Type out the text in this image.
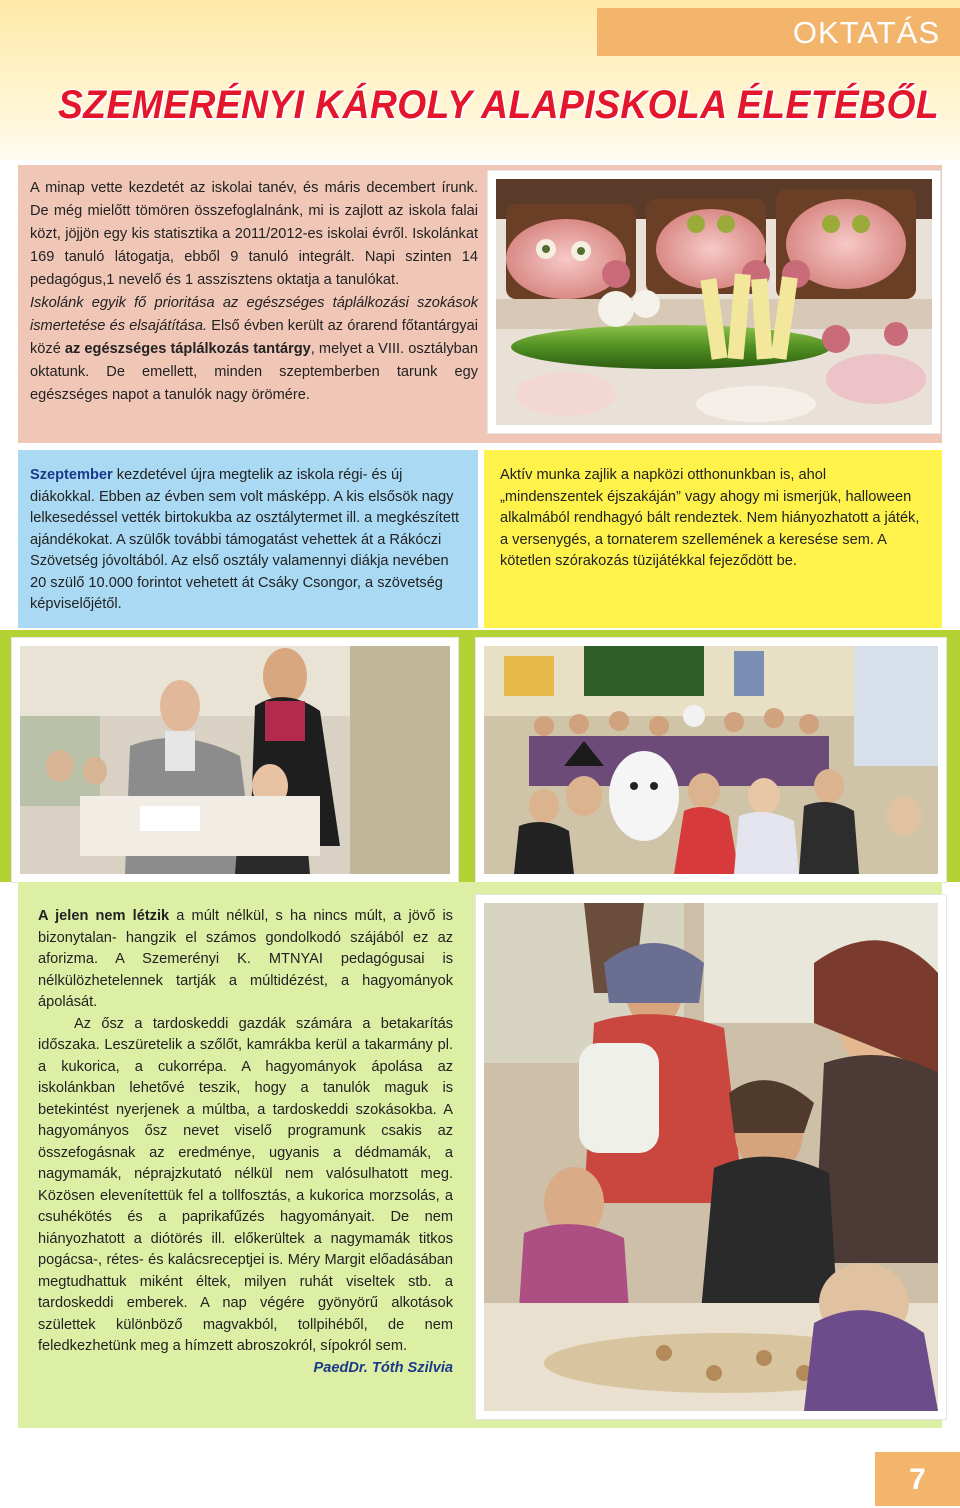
OKTATÁS
SZEMERÉNYI KÁROLY ALAPISKOLA ÉLETÉBŐL

A minap vette kezdetét az iskolai tanév, és máris decembert írunk. De még mielőtt tömören összefoglalnánk, mi is zajlott az iskola falai közt, jöjjön egy kis statisztika a 2011/2012-es iskolai évről. Iskolánkat 169 tanuló látogatja, ebből 9 tanuló integrált. Napi szinten 14 pedagógus,1 nevelő és 1 asszisztens oktatja a tanulókat.

Iskolánk egyik fő prioritása az egészséges táplálkozási szokások ismertetése és elsajátítása. Első évben került az órarend főtantárgyai közé az egészséges táplálkozás tantárgy, melyet a VIII. osztályban oktatunk. De emellett, minden szeptemberben tarunk egy egészséges napot a tanulók nagy örömére.

Szeptember kezdetével újra megtelik az iskola régi- és új diákokkal. Ebben az évben sem volt másképp. A kis elsősök nagy lelkesedéssel vették birtokukba az osztálytermet ill. a megkészített ajándékokat. A szülők további támogatást vehettek át a Rákóczi Szövetség jóvoltából. Az első osztály valamennyi diákja nevében 20 szülő 10.000 forintot vehetett át Csáky Csongor, a szövetség képviselőjétől.

Aktív munka zajlik a napközi otthonunkban is, ahol „mindenszentek éjszakáján” vagy ahogy mi ismerjük, halloween alkalmából rendhagyó bált rendeztek. Nem hiányozhatott a játék, a versenygés, a tornaterem szellemének a keresése sem. A kötetlen szórakozás tüzijátékkal fejeződött be.

A jelen nem létzik a múlt nélkül, s ha nincs múlt, a jövő is bizonytalan- hangzik el számos gondolkodó szájából ez az aforizma. A Szemerényi K. MTNYAI pedagógusai is nélkülözhetelennek tartják a múltidézést, a hagyományok ápolását.

Az ősz a tardoskeddi gazdák számára a betakarítás időszaka. Leszüretelik a szőlőt, kamrákba kerül a takarmány pl. a kukorica, a cukorrépa. A hagyományok ápolása az iskolánkban lehetővé teszik, hogy a tanulók maguk is betekintést nyerjenek a múltba, a tardoskeddi szokásokba. A hagyományos ősz nevet viselő programunk csakis az összefogásnak az eredménye, ugyanis a dédmamák, a nagymamák, néprajzkutató nélkül nem valósulhatott meg. Közösen elevenítettük fel a tollfosztás, a kukorica morzsolás, a csuhékötés és a paprikafűzés hagyományait. De nem hiányozhatott a diótörés ill. előkerültek a nagymamák titkos pogácsa-, rétes- és kalácsreceptjei is. Méry Margit előadásában megtudhattuk miként éltek, milyen ruhát viseltek stb. a tardoskeddi emberek. A nap végére gyönyörű alkotások születtek különböző magvakból, tollpihéből, de nem feledkezhetünk meg a hímzett abroszokról, sípokról sem.

PaedDr. Tóth Szilvia

7
